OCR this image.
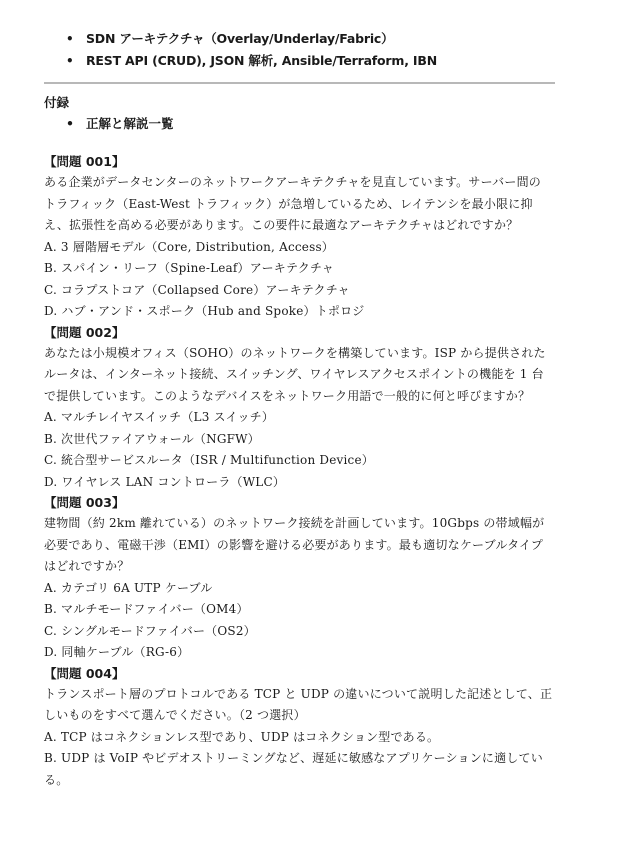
• SDN アーキテクチャ（Overlay/Underlay/Fabric）
• REST API (CRUD), JSON 解析, Ansible/Terraform, IBN

付録

• 正解と解説一覧

【問題 001】

ある企業がデータセンターのネットワークアーキテクチャを見直しています。サーバー間のトラフィック（East-West トラフィック）が急増しているため、レイテンシを最小限に抑え、拡張性を高める必要があります。この要件に最適なアーキテクチャはどれですか？

A. 3 層階層モデル（Core, Distribution, Access）

B. スパイン・リーフ（Spine-Leaf）アーキテクチャ

C. コラプストコア（Collapsed Core）アーキテクチャ

D. ハブ・アンド・スポーク（Hub and Spoke）トポロジ

【問題 002】

あなたは小規模オフィス（SOHO）のネットワークを構築しています。ISP から提供されたルータは、インターネット接続、スイッチング、ワイヤレスアクセスポイントの機能を 1 台で提供しています。このようなデバイスをネットワーク用語で一般的に何と呼びますか？

A. マルチレイヤスイッチ（L3 スイッチ）

B. 次世代ファイアウォール（NGFW）

C. 統合型サービスルータ（ISR / Multifunction Device）

D. ワイヤレス LAN コントローラ（WLC）

【問題 003】

建物間（約 2km 離れている）のネットワーク接続を計画しています。10Gbps の帯域幅が必要であり、電磁干渉（EMI）の影響を避ける必要があります。最も適切なケーブルタイプはどれですか？

A. カテゴリ 6A UTP ケーブル

B. マルチモードファイバー（OM4）

C. シングルモードファイバー（OS2）

D. 同軸ケーブル（RG-6）

【問題 004】

トランスポート層のプロトコルである TCP と UDP の違いについて説明した記述として、正しいものをすべて選んでください。（2 つ選択）

A. TCP はコネクションレス型であり、UDP はコネクション型である。

B. UDP は VoIP やビデオストリーミングなど、遅延に敏感なアプリケーションに適している。
